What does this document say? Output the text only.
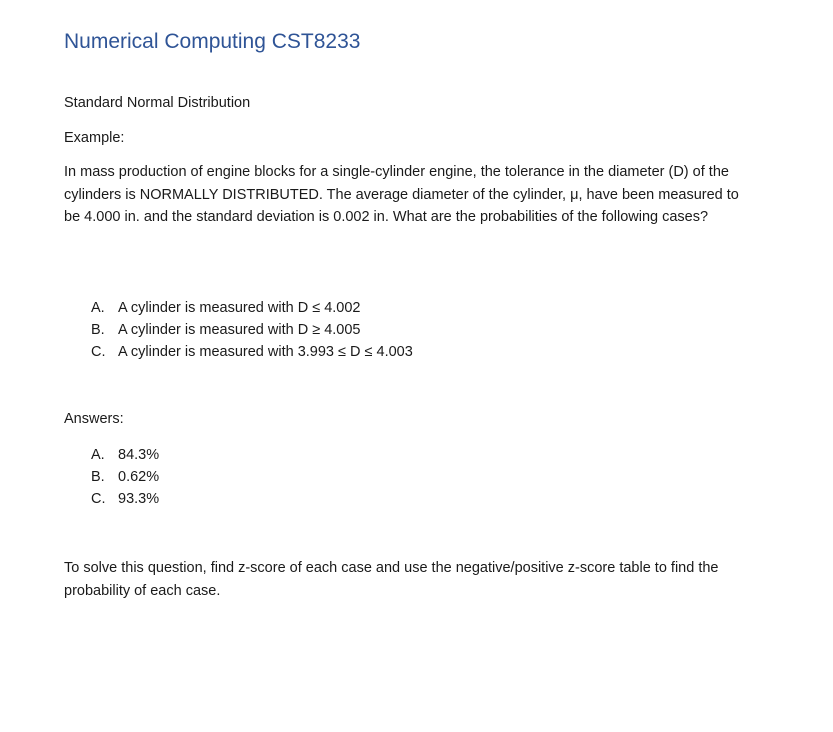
Numerical Computing CST8233
Standard Normal Distribution
Example:

In mass production of engine blocks for a single-cylinder engine, the tolerance in the diameter (D) of the cylinders is NORMALLY DISTRIBUTED. The average diameter of the cylinder, μ, have been measured to be 4.000 in. and the standard deviation is 0.002 in. What are the probabilities of the following cases?

A. A cylinder is measured with D ≤ 4.002
B. A cylinder is measured with D ≥ 4.005
C. A cylinder is measured with 3.993 ≤ D ≤ 4.003
Answers:
A. 84.3%
B. 0.62%
C. 93.3%

To solve this question, find z-score of each case and use the negative/positive z-score table to find the probability of each case.
